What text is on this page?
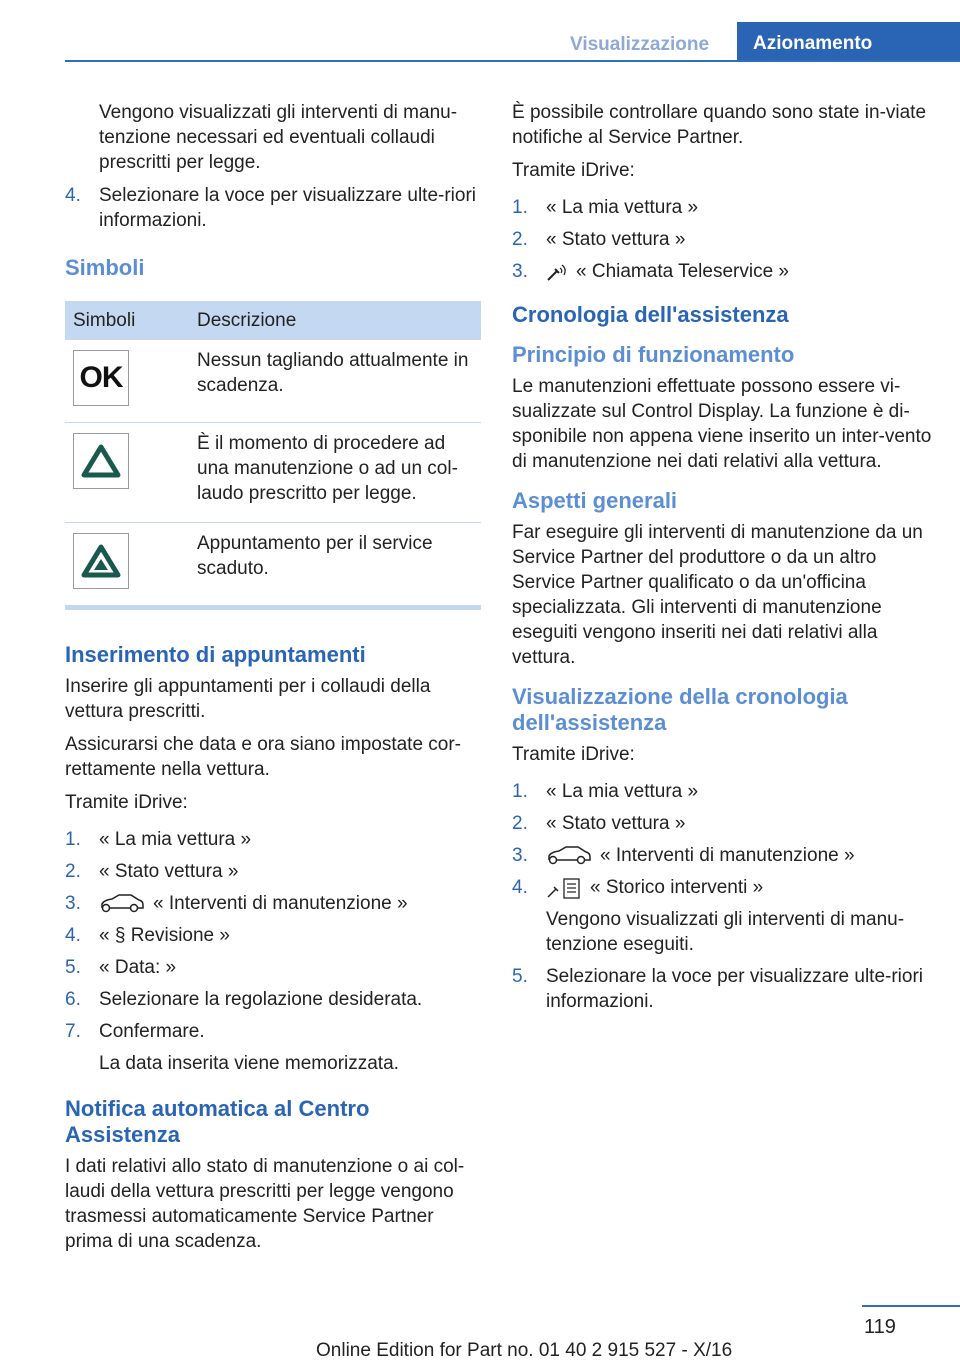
Visualizzazione	Azionamento

Vengono visualizzati gli interventi di manu-tenzione necessari ed eventuali collaudi prescritti per legge.

4. Selezionare la voce per visualizzare ulte-riori informazioni.
Simboli
Simboli	Descrizione

OK	Nessun tagliando attualmente in scadenza.

	È il momento di procedere ad una manutenzione o ad un col-laudo prescritto per legge.

	Appuntamento per il service scaduto.
Inserimento di appuntamenti

Inserire gli appuntamenti per i collaudi della vettura prescritti.

Assicurarsi che data e ora siano impostate cor-rettamente nella vettura.

Tramite iDrive:

1. « La mia vettura »
2. « Stato vettura »
3.	« Interventi di manutenzione »
4. « § Revisione »
5. « Data: »
6. Selezionare la regolazione desiderata.
7. Confermare.
La data inserita viene memorizzata.
Notifica automatica al Centro Assistenza

I dati relativi allo stato di manutenzione o ai col-laudi della vettura prescritti per legge vengono trasmessi automaticamente Service Partner prima di una scadenza.

È possibile controllare quando sono state in-viate notifiche al Service Partner.

Tramite iDrive:

1. « La mia vettura »
2. « Stato vettura »
3.	« Chiamata Teleservice »
Cronologia dell'assistenza
Principio di funzionamento

Le manutenzioni effettuate possono essere vi-sualizzate sul Control Display. La funzione è di-sponibile non appena viene inserito un inter-vento di manutenzione nei dati relativi alla vettura.

Aspetti generali

Far eseguire gli interventi di manutenzione da un Service Partner del produttore o da un altro Service Partner qualificato o da un'officina specializzata. Gli interventi di manutenzione eseguiti vengono inseriti nei dati relativi alla vettura.

Visualizzazione della cronologia dell'assistenza

Tramite iDrive:

1. « La mia vettura »
2. « Stato vettura »
3.	« Interventi di manutenzione »
4.	« Storico interventi »
Vengono visualizzati gli interventi di manu-tenzione eseguiti.
5. Selezionare la voce per visualizzare ulte-riori informazioni.
119
Online Edition for Part no. 01 40 2 915 527 - X/16
